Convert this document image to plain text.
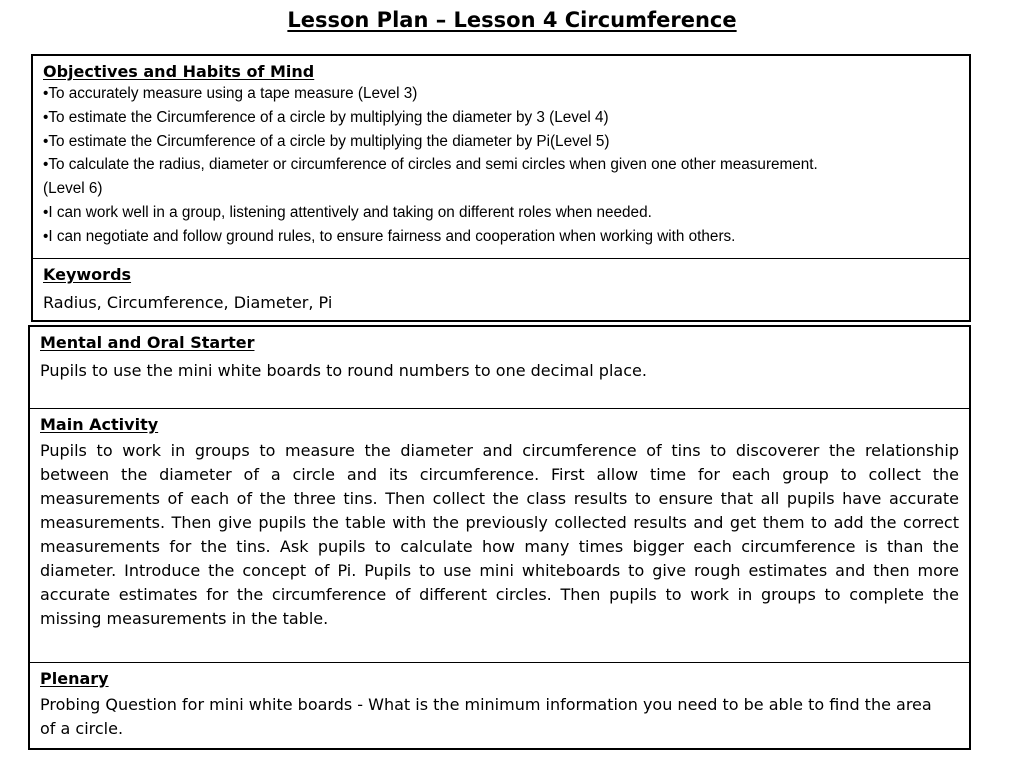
Lesson Plan – Lesson 4 Circumference
Objectives and Habits of Mind
•To accurately measure using a tape measure (Level 3)
•To estimate the Circumference of a circle by multiplying the diameter by 3 (Level 4)
•To estimate the Circumference of a circle by multiplying the diameter by Pi(Level 5)
•To calculate the radius, diameter or circumference of circles and semi circles when given one other measurement. (Level 6)
•I can work well in a group, listening attentively and taking on different roles when needed.
•I can negotiate and follow ground rules, to ensure fairness and cooperation when working with others.
Keywords
Radius, Circumference, Diameter, Pi
Mental and Oral Starter
Pupils to use the mini white boards to round numbers to one decimal place.
Main Activity
Pupils to work in groups to measure the diameter and circumference of tins to discoverer the relationship between the diameter of a circle and its circumference. First allow time for each group to collect the measurements of each of the three tins. Then collect the class results to ensure that all pupils have accurate measurements. Then give pupils the table with the previously collected results and get them to add the correct measurements for the tins. Ask pupils to calculate how many times bigger each circumference is than the diameter. Introduce the concept of Pi. Pupils to use mini whiteboards to give rough estimates and then more accurate estimates for the circumference of different circles. Then pupils to work in groups to complete the missing measurements in the table.
Plenary
Probing Question for mini white boards - What is the minimum information you need to be able to find the area of a circle.
